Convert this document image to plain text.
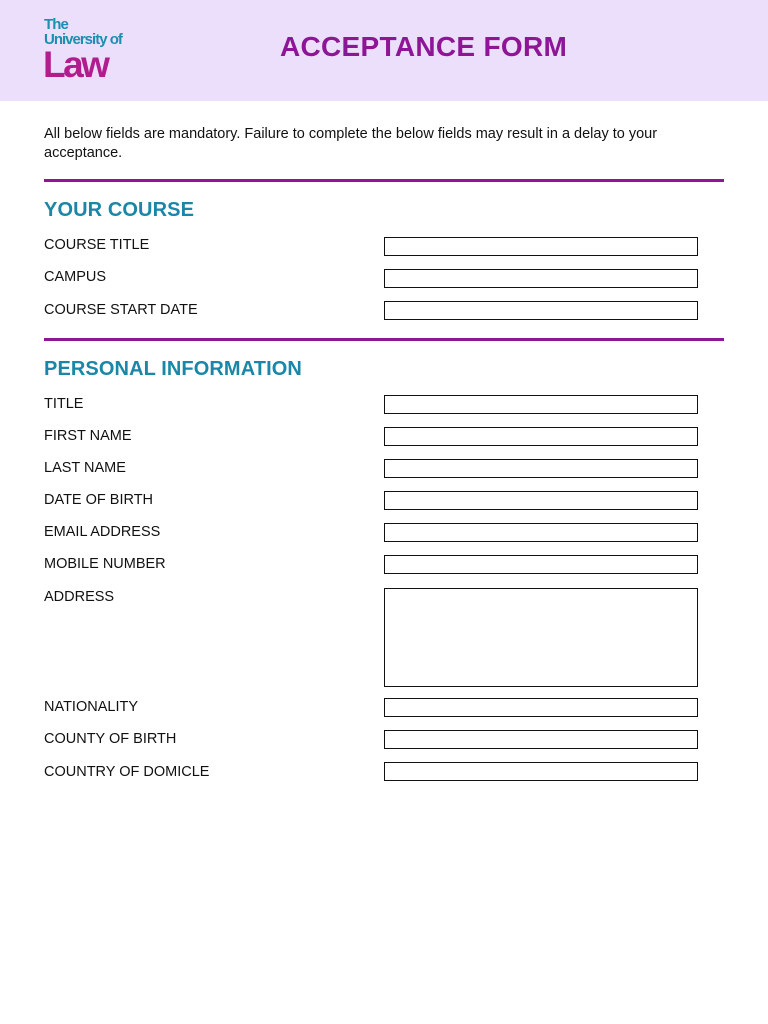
The
University of
Law	ACCEPTANCE FORM
All below fields are mandatory. Failure to complete the below fields may result in a delay to your acceptance.
YOUR COURSE
COURSE TITLE
CAMPUS
COURSE START DATE
PERSONAL INFORMATION
TITLE
FIRST NAME
LAST NAME
DATE OF BIRTH
EMAIL ADDRESS
MOBILE NUMBER
ADDRESS
NATIONALITY
COUNTY OF BIRTH
COUNTRY OF DOMICLE
